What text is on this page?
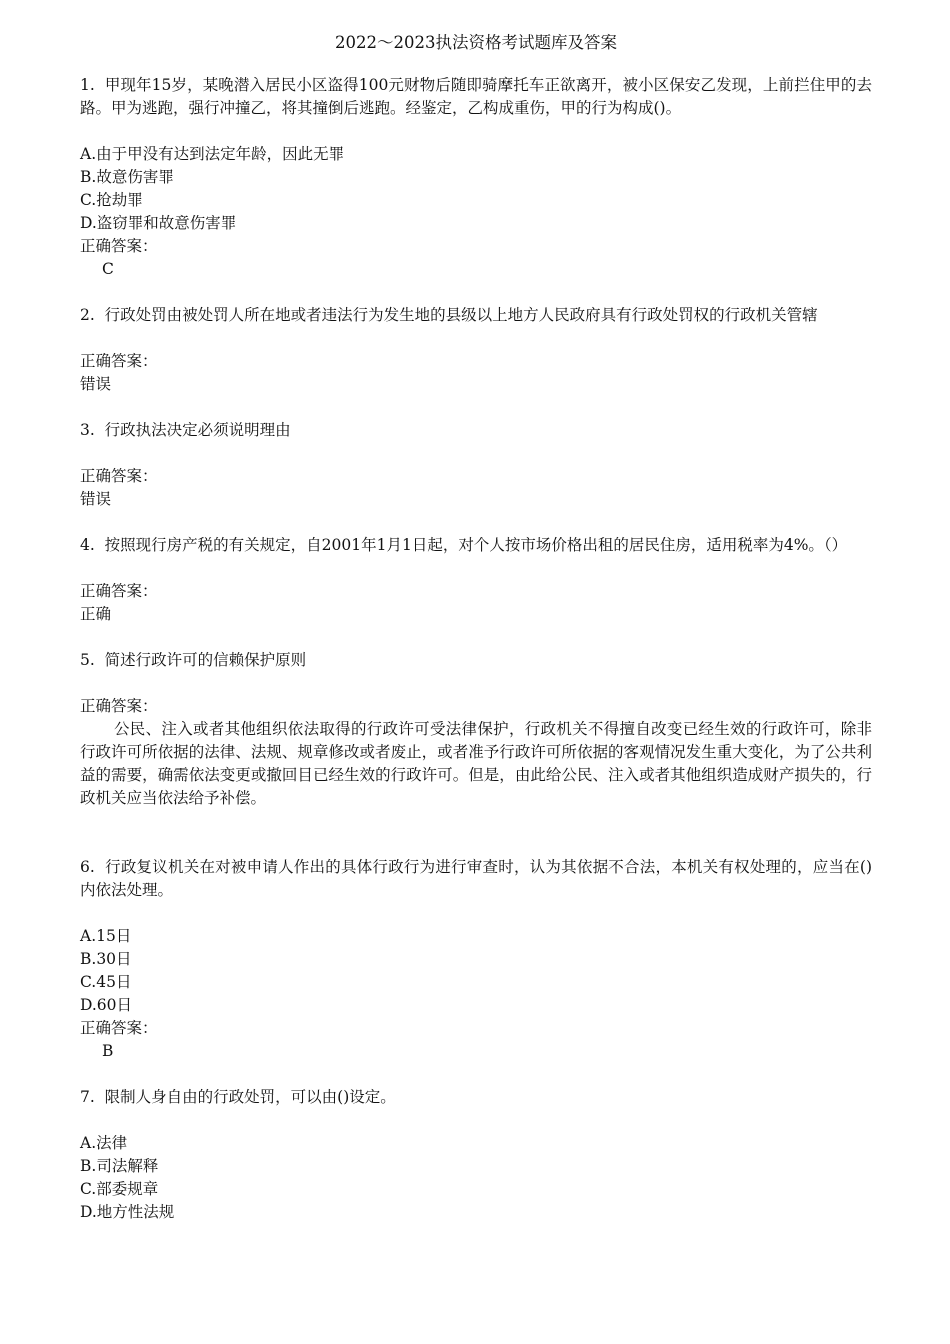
2022～2023执法资格考试题库及答案

1. 甲现年15岁，某晚潜入居民小区盗得100元财物后随即骑摩托车正欲离开，被小区保安乙发现，上前拦住甲的去路。甲为逃跑，强行冲撞乙，将其撞倒后逃跑。经鉴定，乙构成重伤，甲的行为构成()。

A.由于甲没有达到法定年龄，因此无罪

B.故意伤害罪

C.抢劫罪

D.盗窃罪和故意伤害罪

正确答案：

C

2. 行政处罚由被处罚人所在地或者违法行为发生地的县级以上地方人民政府具有行政处罚权的行政机关管辖

正确答案：

错误

3. 行政执法决定必须说明理由

正确答案：

错误

4. 按照现行房产税的有关规定，自2001年1月1日起，对个人按市场价格出租的居民住房，适用税率为4%。（）

正确答案：

正确

5. 简述行政许可的信赖保护原则

正确答案：

公民、注入或者其他组织依法取得的行政许可受法律保护，行政机关不得擅自改变已经生效的行政许可，除非行政许可所依据的法律、法规、规章修改或者废止，或者准予行政许可所依据的客观情况发生重大变化，为了公共利益的需要，确需依法变更或撤回目已经生效的行政许可。但是，由此给公民、注入或者其他组织造成财产损失的，行政机关应当依法给予补偿。

6. 行政复议机关在对被申请人作出的具体行政行为进行审查时，认为其依据不合法，本机关有权处理的，应当在()内依法处理。

A.15日

B.30日

C.45日

D.60日

正确答案：

B

7. 限制人身自由的行政处罚，可以由()设定。

A.法律

B.司法解释

C.部委规章

D.地方性法规
